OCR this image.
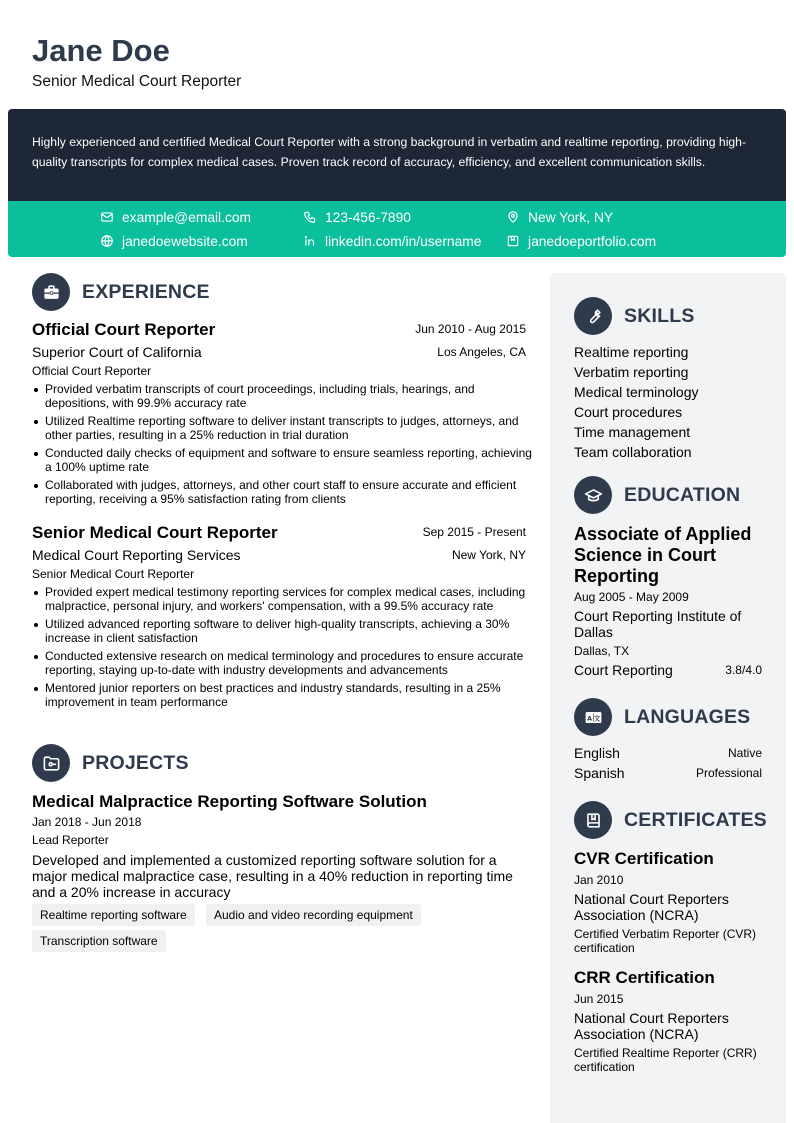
Jane Doe
Senior Medical Court Reporter

Highly experienced and certified Medical Court Reporter with a strong background in verbatim and realtime reporting, providing high-quality transcripts for complex medical cases. Proven track record of accuracy, efficiency, and excellent communication skills.

example@email.com	123-456-7890	New York, NY
janedoewebsite.com	linkedin.com/in/username	janedoeportfolio.com
EXPERIENCE
Official Court Reporter	Jun 2010 - Aug 2015
Superior Court of California	Los Angeles, CA
Official Court Reporter
Provided verbatim transcripts of court proceedings, including trials, hearings, and depositions, with 99.9% accuracy rate
Utilized Realtime reporting software to deliver instant transcripts to judges, attorneys, and other parties, resulting in a 25% reduction in trial duration
Conducted daily checks of equipment and software to ensure seamless reporting, achieving a 100% uptime rate
Collaborated with judges, attorneys, and other court staff to ensure accurate and efficient reporting, receiving a 95% satisfaction rating from clients
Senior Medical Court Reporter	Sep 2015 - Present
Medical Court Reporting Services	New York, NY
Senior Medical Court Reporter
Provided expert medical testimony reporting services for complex medical cases, including malpractice, personal injury, and workers' compensation, with a 99.5% accuracy rate
Utilized advanced reporting software to deliver high-quality transcripts, achieving a 30% increase in client satisfaction
Conducted extensive research on medical terminology and procedures to ensure accurate reporting, staying up-to-date with industry developments and advancements
Mentored junior reporters on best practices and industry standards, resulting in a 25% improvement in team performance
PROJECTS
Medical Malpractice Reporting Software Solution
Jan 2018 - Jun 2018
Lead Reporter
Developed and implemented a customized reporting software solution for a major medical malpractice case, resulting in a 40% reduction in reporting time and a 20% increase in accuracy
Realtime reporting software	Audio and video recording equipment
Transcription software
SKILLS
Realtime reporting
Verbatim reporting
Medical terminology
Court procedures
Time management
Team collaboration
EDUCATION
Associate of Applied Science in Court Reporting
Aug 2005 - May 2009
Court Reporting Institute of Dallas
Dallas, TX
Court Reporting	3.8/4.0
A 文 LANGUAGES
English	Native
Spanish	Professional
CERTIFICATES
CVR Certification
Jan 2010
National Court Reporters Association (NCRA)
Certified Verbatim Reporter (CVR) certification
CRR Certification
Jun 2015
National Court Reporters Association (NCRA)
Certified Realtime Reporter (CRR) certification
